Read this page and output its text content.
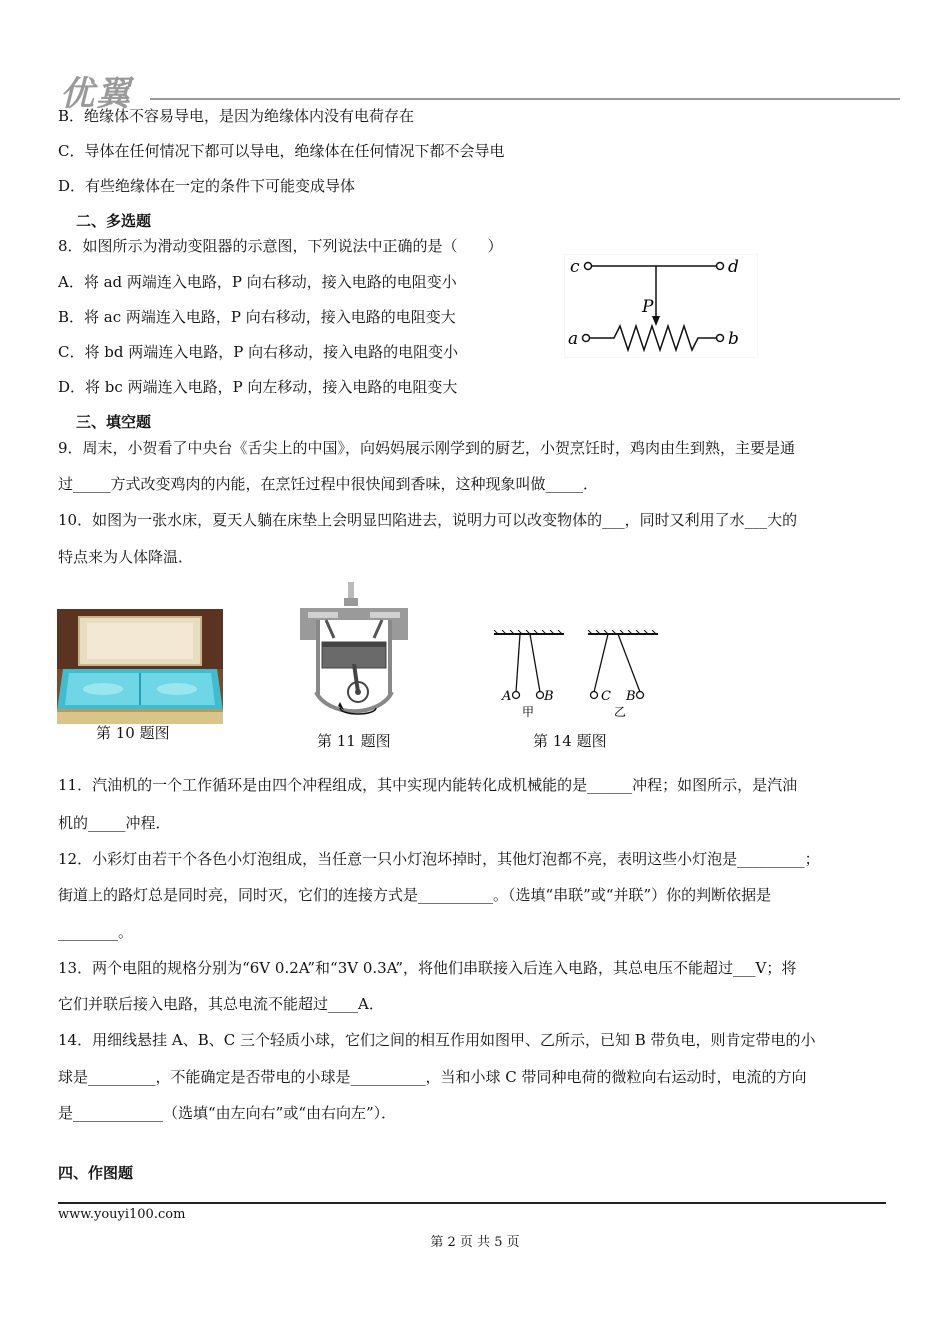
优翼
B．绝缘体不容易导电，是因为绝缘体内没有电荷存在
C．导体在任何情况下都可以导电，绝缘体在任何情况下都不会导电
D．有些绝缘体在一定的条件下可能变成导体
二、多选题
8．如图所示为滑动变阻器的示意图，下列说法中正确的是（　　）
A．将 ad 两端连入电路，P 向右移动，接入电路的电阻变小
B．将 ac 两端连入电路，P 向右移动，接入电路的电阻变大
C．将 bd 两端连入电路，P 向右移动，接入电路的电阻变小
D．将 bc 两端连入电路，P 向左移动，接入电路的电阻变大
c	d
P
a	b
三、填空题
9．周末，小贺看了中央台《舌尖上的中国》，向妈妈展示刚学到的厨艺，小贺烹饪时，鸡肉由生到熟，主要是通
过_____方式改变鸡肉的内能，在烹饪过程中很快闻到香味，这种现象叫做_____．
10．如图为一张水床，夏天人躺在床垫上会明显凹陷进去，说明力可以改变物体的___，同时又利用了水___大的
特点来为人体降温．
第 10 题图	第 11 题图
A	B
甲
C B
乙
第 14 题图
11．汽油机的一个工作循环是由四个冲程组成，其中实现内能转化成机械能的是______冲程；如图所示，是汽油
机的_____冲程．
12．小彩灯由若干个各色小灯泡组成，当任意一只小灯泡坏掉时，其他灯泡都不亮，表明这些小灯泡是_________；
街道上的路灯总是同时亮，同时灭，它们的连接方式是__________。（选填“串联”或“并联”）你的判断依据是
________。
13．两个电阻的规格分别为“6V 0.2A”和“3V 0.3A”，将他们串联接入后连入电路，其总电压不能超过___V；将
它们并联后接入电路，其总电流不能超过____A．
14．用细线悬挂 A、B、C 三个轻质小球，它们之间的相互作用如图甲、乙所示，已知 B 带负电，则肯定带电的小
球是_________，不能确定是否带电的小球是__________，当和小球 C 带同种电荷的微粒向右运动时，电流的方向
是____________（选填“由左向右”或“由右向左”）．
四、作图题
www.youyi100.com
第 2 页 共 5 页
